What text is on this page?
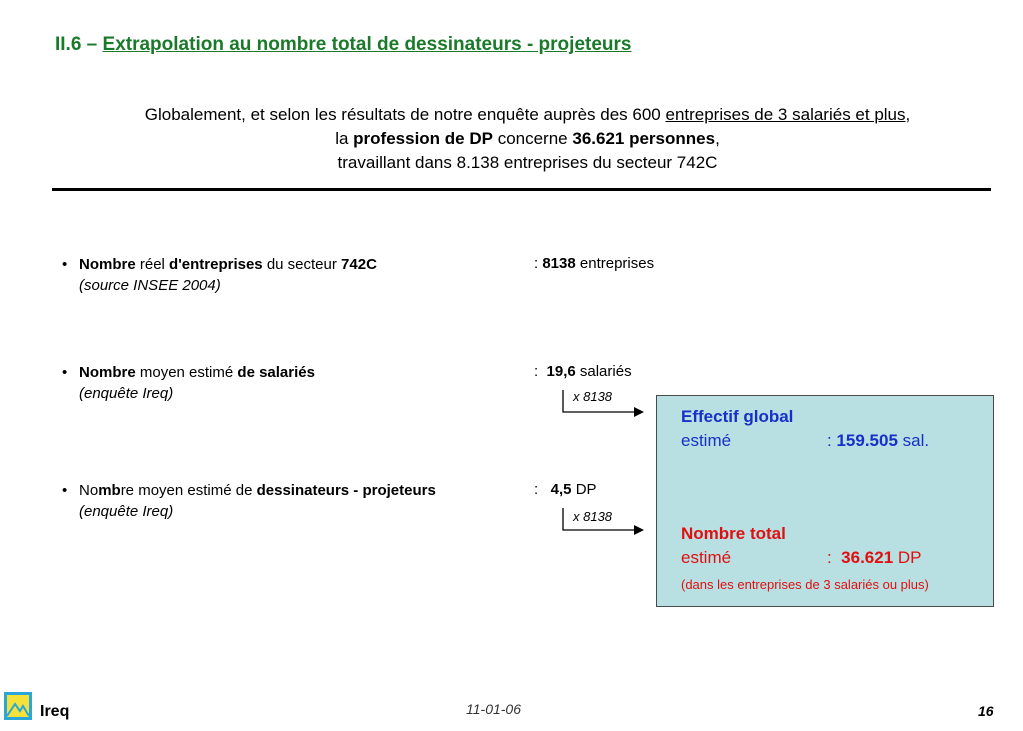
II.6 – Extrapolation au nombre total de dessinateurs - projeteurs
Globalement, et selon les résultats de notre enquête auprès des 600 entreprises de 3 salariés et plus,
la profession de DP concerne 36.621 personnes,
travaillant dans 8.138 entreprises du secteur 742C
• Nombre réel d'entreprises du secteur 742C
(source INSEE 2004)
: 8138 entreprises
• Nombre moyen estimé de salariés
(enquête Ireq)
:  19,6 salariés
x 8138
• Nombre moyen estimé de dessinateurs - projeteurs
(enquête Ireq)
:   4,5 DP
x 8138
Effectif global
estimé	: 159.505 sal.
Nombre total
estimé	:  36.621 DP
(dans les entreprises de 3 salariés ou plus)
Ireq	11-01-06	16
